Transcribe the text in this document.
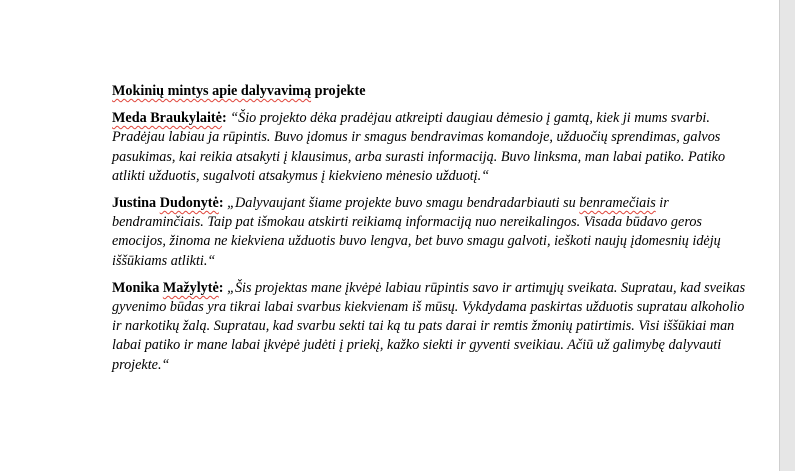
Mokinių mintys apie dalyvavimą projekte

Meda Braukylaitė: “Šio projekto dėka pradėjau atkreipti daugiau dėmesio į gamtą, kiek ji mums svarbi. Pradėjau labiau ja rūpintis. Buvo įdomus ir smagus bendravimas komandoje, užduočių sprendimas, galvos pasukimas, kai reikia atsakyti į klausimus, arba surasti informaciją. Buvo linksma, man labai patiko. Patiko atlikti užduotis, sugalvoti atsakymus į kiekvieno mėnesio užduotį.“

Justina Dudonytė: „Dalyvaujant šiame projekte buvo smagu bendradarbiauti su benramečiais ir bendraminčiais. Taip pat išmokau atskirti reikiamą informaciją nuo nereikalingos. Visada būdavo geros emocijos, žinoma ne kiekviena užduotis buvo lengva, bet buvo smagu galvoti, ieškoti naujų įdomesnių idėjų iššūkiams atlikti.“

Monika Mažylytė: „Šis projektas mane įkvėpė labiau rūpintis savo ir artimųjų sveikata. Supratau, kad sveikas gyvenimo būdas yra tikrai labai svarbus kiekvienam iš mūsų. Vykdydama paskirtas užduotis supratau alkoholio ir narkotikų žalą. Supratau, kad svarbu sekti tai ką tu pats darai ir remtis žmonių patirtimis. Visi iššūkiai man labai patiko ir mane labai įkvėpė judėti į priekį, kažko siekti ir gyventi sveikiau. Ačiū už galimybę dalyvauti projekte.“
